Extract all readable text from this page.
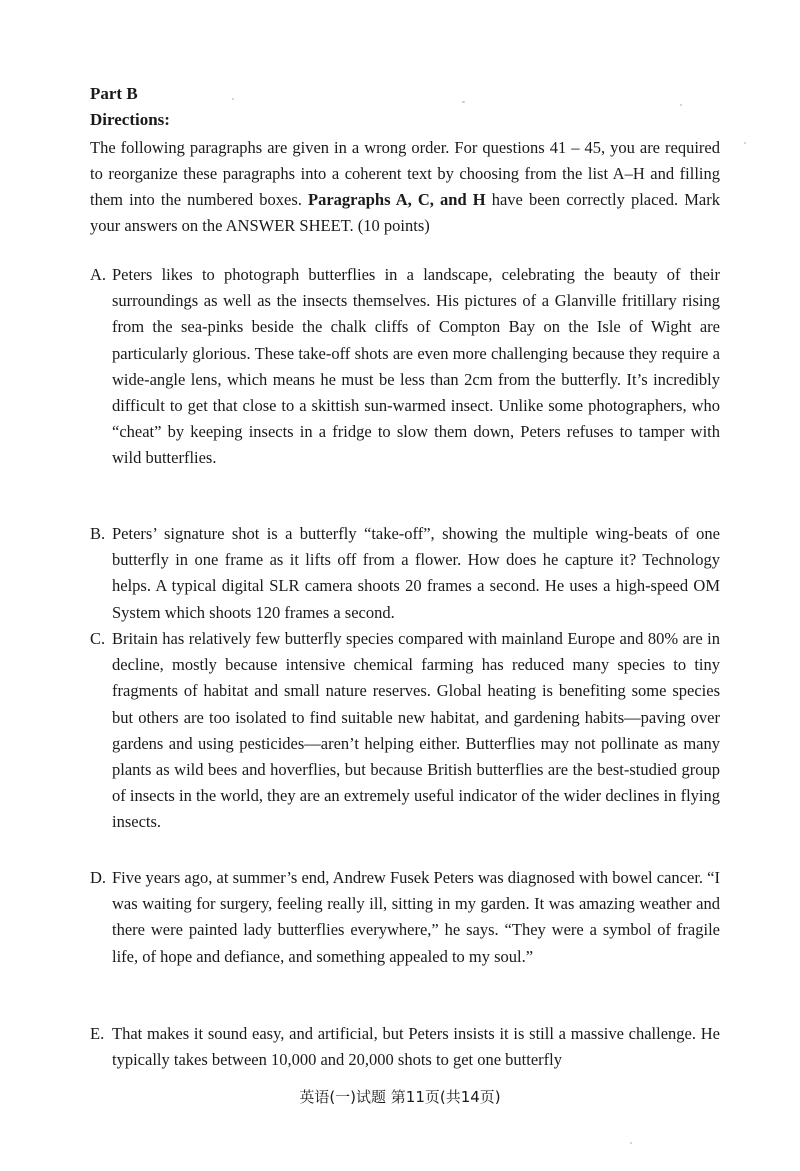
Part B
Directions:
The following paragraphs are given in a wrong order. For questions 41 – 45, you are required to reorganize these paragraphs into a coherent text by choosing from the list A–H and filling them into the numbered boxes. Paragraphs A, C, and H have been correctly placed. Mark your answers on the ANSWER SHEET. (10 points)
A. Peters likes to photograph butterflies in a landscape, celebrating the beauty of their surroundings as well as the insects themselves. His pictures of a Glanville fritillary rising from the sea-pinks beside the chalk cliffs of Compton Bay on the Isle of Wight are particularly glorious. These take-off shots are even more challenging because they require a wide-angle lens, which means he must be less than 2cm from the butterfly. It’s incredibly difficult to get that close to a skittish sun-warmed insect. Unlike some photographers, who “cheat” by keeping insects in a fridge to slow them down, Peters refuses to tamper with wild butterflies.
B. Peters’ signature shot is a butterfly “take-off”, showing the multiple wing-beats of one butterfly in one frame as it lifts off from a flower. How does he capture it? Technology helps. A typical digital SLR camera shoots 20 frames a second. He uses a high-speed OM System which shoots 120 frames a second.
C. Britain has relatively few butterfly species compared with mainland Europe and 80% are in decline, mostly because intensive chemical farming has reduced many species to tiny fragments of habitat and small nature reserves. Global heating is benefiting some species but others are too isolated to find suitable new habitat, and gardening habits—paving over gardens and using pesticides—aren’t helping either. Butterflies may not pollinate as many plants as wild bees and hoverflies, but because British butterflies are the best-studied group of insects in the world, they are an extremely useful indicator of the wider declines in flying insects.
D. Five years ago, at summer’s end, Andrew Fusek Peters was diagnosed with bowel cancer. “I was waiting for surgery, feeling really ill, sitting in my garden. It was amazing weather and there were painted lady butterflies everywhere,” he says. “They were a symbol of fragile life, of hope and defiance, and something appealed to my soul.”
E. That makes it sound easy, and artificial, but Peters insists it is still a massive challenge. He typically takes between 10,000 and 20,000 shots to get one butterfly
英语(一)试题 第11页(共14页)
